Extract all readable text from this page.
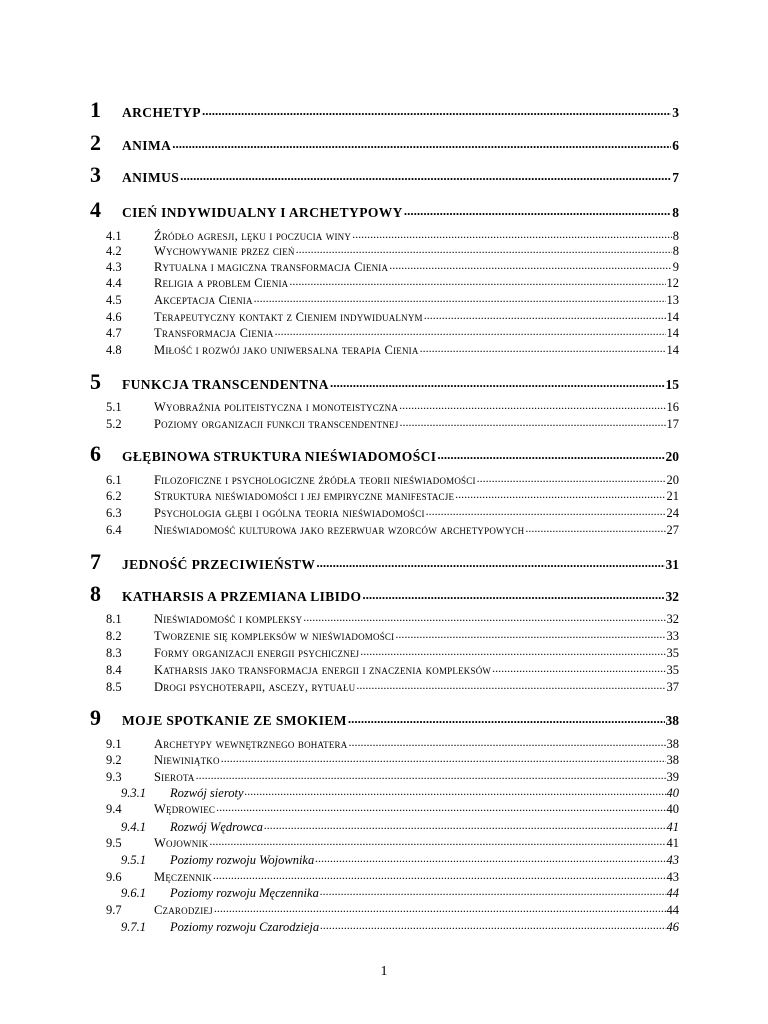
1	ARCHETYP .....	3
2	ANIMA .....	6
3	ANIMUS .....	7
4	CIEŃ INDYWIDUALNY I ARCHETYPOWY .....	8
4.1	Źródło agresji, lęku i poczucia winy .....	8
4.2	Wychowywanie przez cień .....	8
4.3	Rytualna i magiczna transformacja Cienia .....	9
4.4	Religia a problem Cienia .....	12
4.5	Akceptacja Cienia .....	13
4.6	Terapeutyczny kontakt z Cieniem indywidualnym .....	14
4.7	Transformacja Cienia .....	14
4.8	Miłość i rozwój jako uniwersalna terapia Cienia .....	14
5	FUNKCJA TRANSCENDENTNA .....	15
5.1	Wyobraźnia politeistyczna i monoteistyczna .....	16
5.2	Poziomy organizacji funkcji transcendentnej .....	17
6	GŁĘBINOWA STRUKTURA NIEŚWIADOMOŚCI .....	20
6.1	Filozoficzne i psychologiczne źródła teorii nieświadomości .....	20
6.2	Struktura nieświadomości i jej empiryczne manifestacje .....	21
6.3	Psychologia głębi i ogólna teoria nieświadomości .....	24
6.4	Nieświadomość kulturowa jako rezerwuar wzorców archetypowych .....	27
7	JEDNOŚĆ PRZECIWIEŃSTW .....	31
8	KATHARSIS A PRZEMIANA LIBIDO .....	32
8.1	Nieświadomość i kompleksy .....	32
8.2	Tworzenie się kompleksów w nieświadomości .....	33
8.3	Formy organizacji energii psychicznej .....	35
8.4	Katharsis jako transformacja energii i znaczenia kompleksów .....	35
8.5	Drogi psychoterapii, ascezy, rytuału .....	37
9	MOJE SPOTKANIE ZE SMOKIEM .....	38
9.1	Archetypy wewnętrznego bohatera .....	38
9.2	Niewiniątko .....	38
9.3	Sierota .....	39
9.3.1	Rozwój sieroty .....	40
9.4	Wędrowiec .....	40
9.4.1	Rozwój Wędrowca .....	41
9.5	Wojownik .....	41
9.5.1	Poziomy rozwoju Wojownika .....	43
9.6	Męczennik .....	43
9.6.1	Poziomy rozwoju Męczennika .....	44
9.7	Czarodziej .....	44
9.7.1	Poziomy rozwoju Czarodzieja .....	46
1
